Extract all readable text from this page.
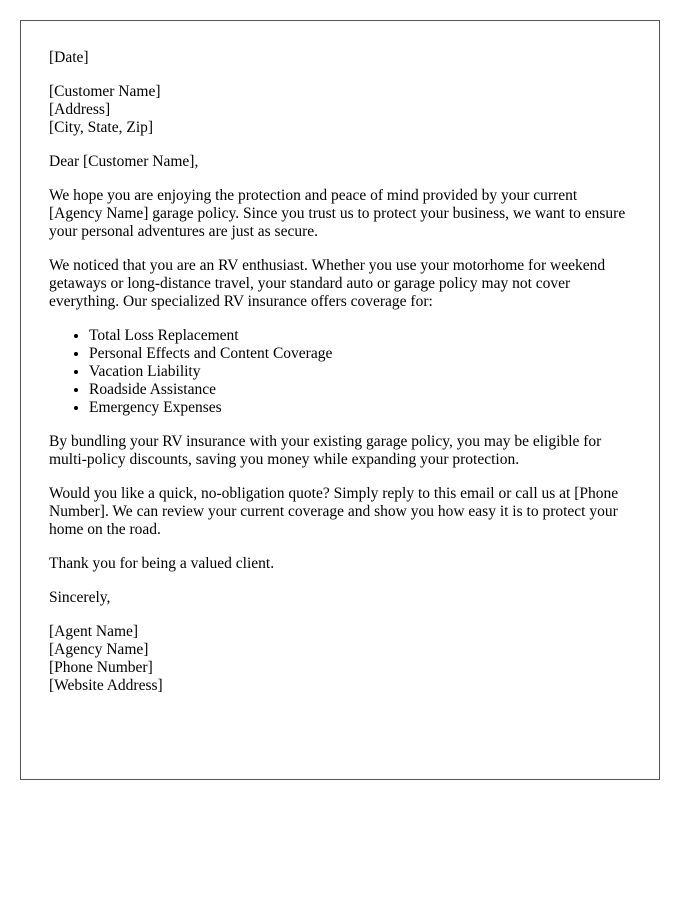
[Date]

[Customer Name]
[Address]
[City, State, Zip]

Dear [Customer Name],

We hope you are enjoying the protection and peace of mind provided by your current [Agency Name] garage policy. Since you trust us to protect your business, we want to ensure your personal adventures are just as secure.

We noticed that you are an RV enthusiast. Whether you use your motorhome for weekend getaways or long-distance travel, your standard auto or garage policy may not cover everything. Our specialized RV insurance offers coverage for:

• Total Loss Replacement
• Personal Effects and Content Coverage
• Vacation Liability
• Roadside Assistance
• Emergency Expenses

By bundling your RV insurance with your existing garage policy, you may be eligible for multi-policy discounts, saving you money while expanding your protection.

Would you like a quick, no-obligation quote? Simply reply to this email or call us at [Phone Number]. We can review your current coverage and show you how easy it is to protect your home on the road.

Thank you for being a valued client.

Sincerely,

[Agent Name]
[Agency Name]
[Phone Number]
[Website Address]
